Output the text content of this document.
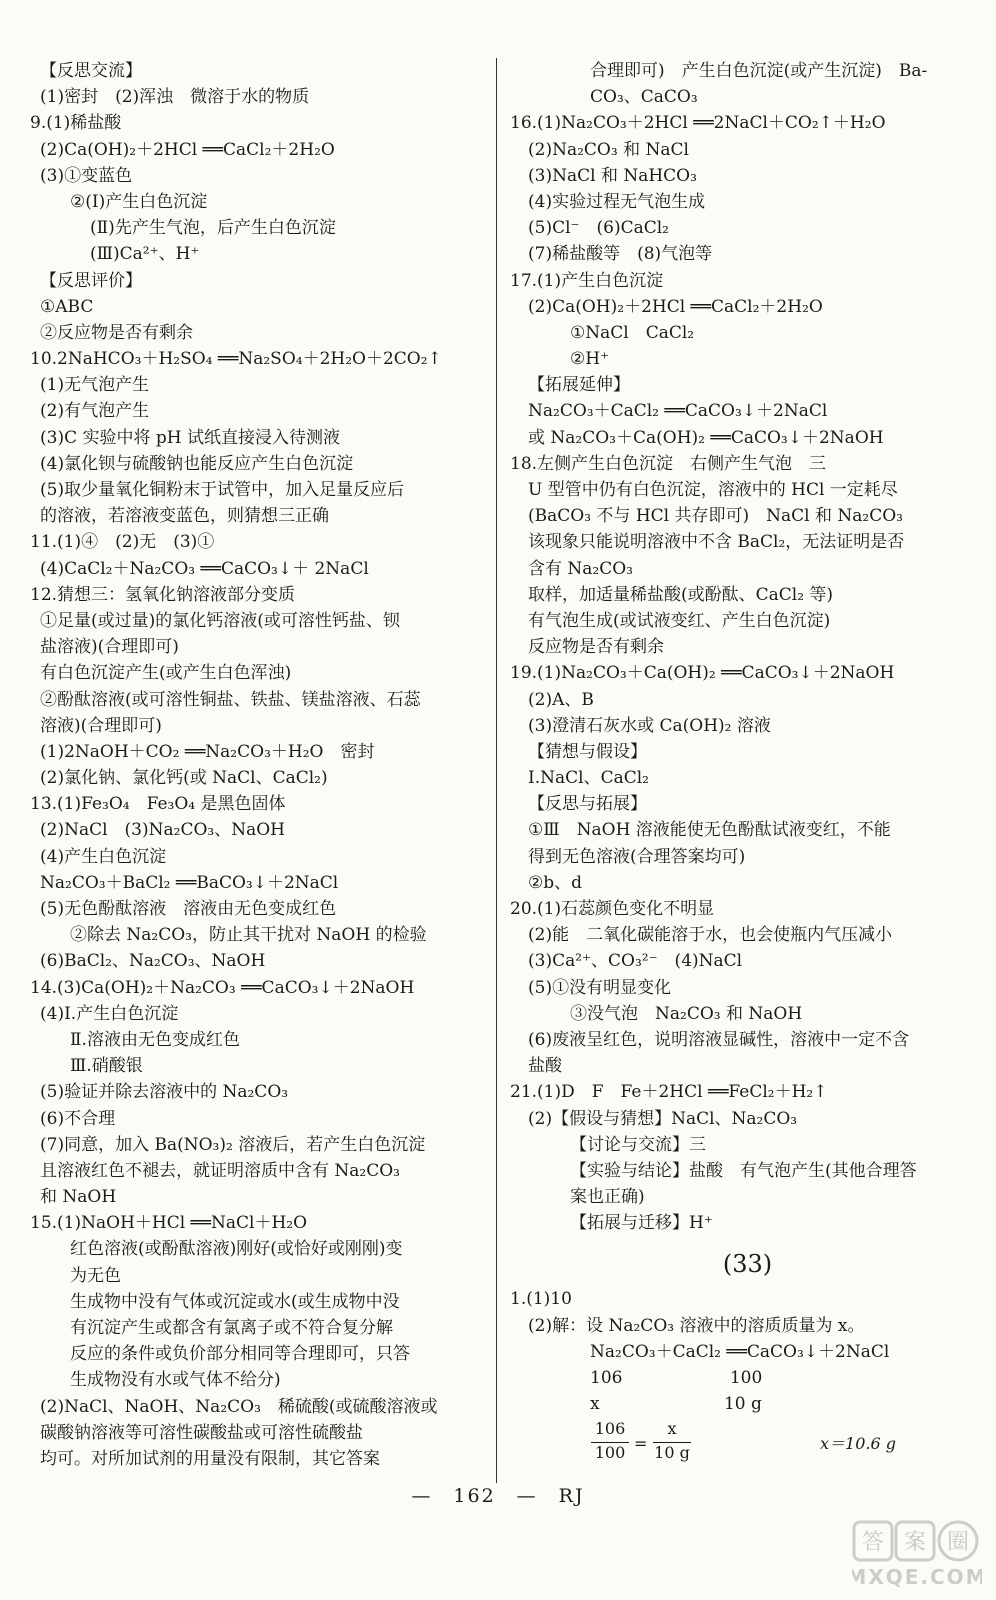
【反思交流】
(1)密封　(2)浑浊　微溶于水的物质
9.(1)稀盐酸
(2)Ca(OH)₂＋2HCl ══CaCl₂＋2H₂O
(3)①变蓝色
②(Ⅰ)产生白色沉淀
(Ⅱ)先产生气泡，后产生白色沉淀
(Ⅲ)Ca²⁺、H⁺
【反思评价】
①ABC
②反应物是否有剩余
10.2NaHCO₃＋H₂SO₄ ══Na₂SO₄＋2H₂O＋2CO₂↑
(1)无气泡产生
(2)有气泡产生
(3)C 实验中将 pH 试纸直接浸入待测液
(4)氯化钡与硫酸钠也能反应产生白色沉淀
(5)取少量氧化铜粉末于试管中，加入足量反应后
的溶液，若溶液变蓝色，则猜想三正确
11.(1)④　(2)无　(3)①
(4)CaCl₂＋Na₂CO₃ ══CaCO₃↓＋ 2NaCl
12.猜想三：氢氧化钠溶液部分变质
①足量(或过量)的氯化钙溶液(或可溶性钙盐、钡
盐溶液)(合理即可)
有白色沉淀产生(或产生白色浑浊)
②酚酞溶液(或可溶性铜盐、铁盐、镁盐溶液、石蕊
溶液)(合理即可)
(1)2NaOH＋CO₂ ══Na₂CO₃＋H₂O　密封
(2)氯化钠、氯化钙(或 NaCl、CaCl₂)
13.(1)Fe₃O₄　Fe₃O₄ 是黑色固体
(2)NaCl　(3)Na₂CO₃、NaOH
(4)产生白色沉淀
Na₂CO₃＋BaCl₂ ══BaCO₃↓＋2NaCl
(5)无色酚酞溶液　溶液由无色变成红色
②除去 Na₂CO₃，防止其干扰对 NaOH 的检验
(6)BaCl₂、Na₂CO₃、NaOH
14.(3)Ca(OH)₂＋Na₂CO₃ ══CaCO₃↓＋2NaOH
(4)Ⅰ.产生白色沉淀
Ⅱ.溶液由无色变成红色
Ⅲ.硝酸银
(5)验证并除去溶液中的 Na₂CO₃
(6)不合理
(7)同意，加入 Ba(NO₃)₂ 溶液后，若产生白色沉淀
且溶液红色不褪去，就证明溶质中含有 Na₂CO₃
和 NaOH
15.(1)NaOH＋HCl ══NaCl＋H₂O
红色溶液(或酚酞溶液)刚好(或恰好或刚刚)变
为无色
生成物中没有气体或沉淀或水(或生成物中没
有沉淀产生或都含有氯离子或不符合复分解
反应的条件或负价部分相同等合理即可，只答
生成物没有水或气体不给分)
(2)NaCl、NaOH、Na₂CO₃　稀硫酸(或硫酸溶液或
碳酸钠溶液等可溶性碳酸盐或可溶性硫酸盐
均可。对所加试剂的用量没有限制，其它答案
合理即可)　产生白色沉淀(或产生沉淀)　Ba-
CO₃、CaCO₃
16.(1)Na₂CO₃＋2HCl ══2NaCl＋CO₂↑＋H₂O
(2)Na₂CO₃ 和 NaCl
(3)NaCl 和 NaHCO₃
(4)实验过程无气泡生成
(5)Cl⁻　(6)CaCl₂
(7)稀盐酸等　(8)气泡等
17.(1)产生白色沉淀
(2)Ca(OH)₂＋2HCl ══CaCl₂＋2H₂O
①NaCl　CaCl₂
②H⁺
【拓展延伸】
Na₂CO₃＋CaCl₂ ══CaCO₃↓＋2NaCl
或 Na₂CO₃＋Ca(OH)₂ ══CaCO₃↓＋2NaOH
18.左侧产生白色沉淀　右侧产生气泡　三
U 型管中仍有白色沉淀，溶液中的 HCl 一定耗尽
(BaCO₃ 不与 HCl 共存即可)　NaCl 和 Na₂CO₃
该现象只能说明溶液中不含 BaCl₂，无法证明是否
含有 Na₂CO₃
取样，加适量稀盐酸(或酚酞、CaCl₂ 等)
有气泡生成(或试液变红、产生白色沉淀)
反应物是否有剩余
19.(1)Na₂CO₃＋Ca(OH)₂ ══CaCO₃↓＋2NaOH
(2)A、B
(3)澄清石灰水或 Ca(OH)₂ 溶液
【猜想与假设】
Ⅰ.NaCl、CaCl₂
【反思与拓展】
①Ⅲ　NaOH 溶液能使无色酚酞试液变红，不能
得到无色溶液(合理答案均可)
②b、d
20.(1)石蕊颜色变化不明显
(2)能　二氧化碳能溶于水，也会使瓶内气压减小
(3)Ca²⁺、CO₃²⁻　(4)NaCl
(5)①没有明显变化
③没气泡　Na₂CO₃ 和 NaOH
(6)废液呈红色，说明溶液显碱性，溶液中一定不含
盐酸
21.(1)D　F　Fe＋2HCl ══FeCl₂＋H₂↑
(2)【假设与猜想】NaCl、Na₂CO₃
【讨论与交流】三
【实验与结论】盐酸　有气泡产生(其他合理答
案也正确)
【拓展与迁移】H⁺
(33)
1.(1)10
(2)解：设 Na₂CO₃ 溶液中的溶质质量为 x。
Na₂CO₃＋CaCl₂ ══CaCO₃↓＋2NaCl
106　　　　　　 100
x　　　　　　　 10 g
106
100 =
x
10 g	x＝10.6 g
—　162　—　RJ
答 案 圈
MXQE.COM
